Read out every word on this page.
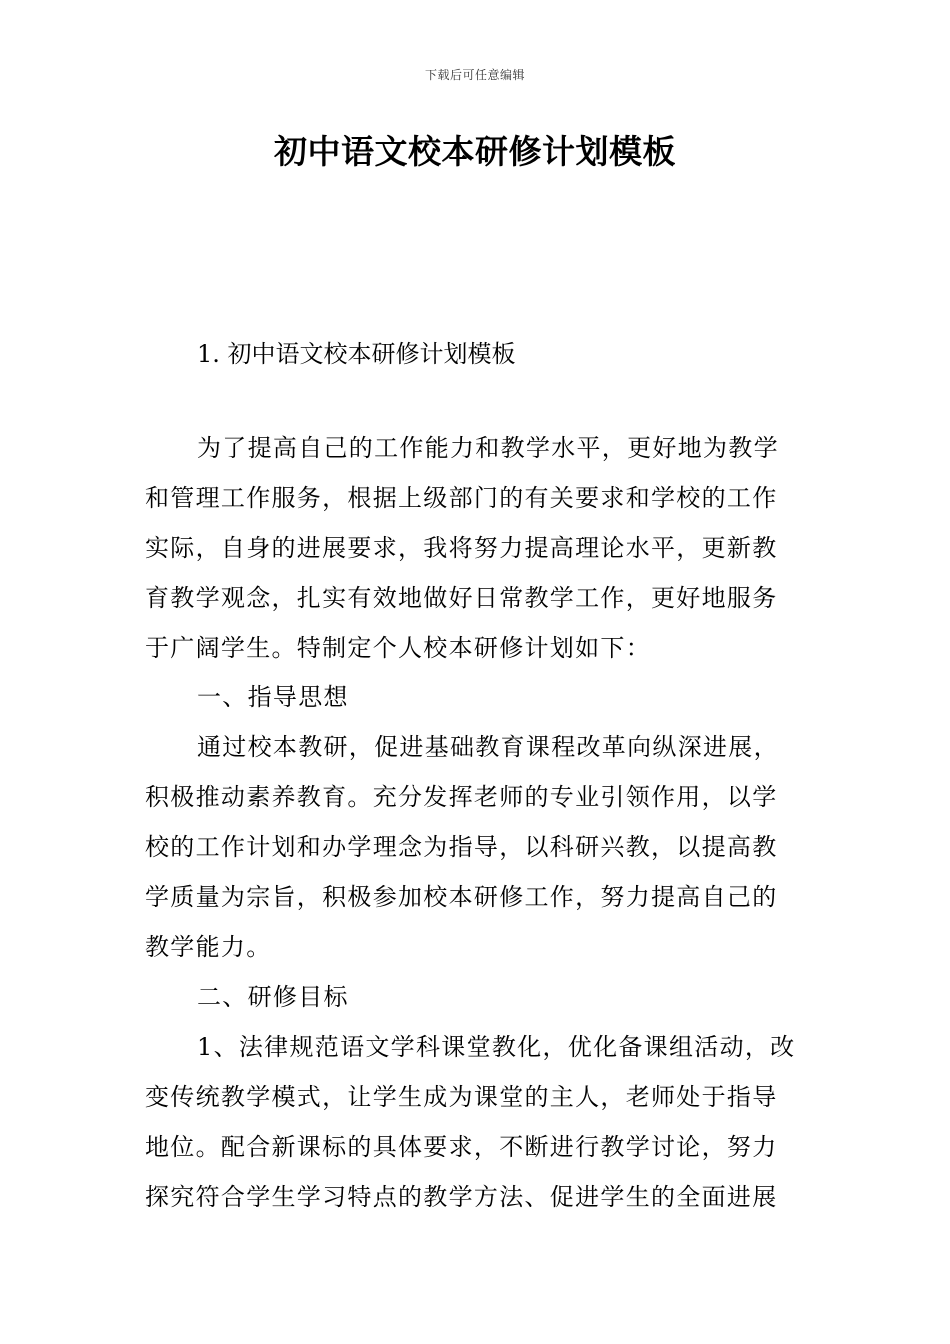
下载后可任意编辑
初中语文校本研修计划模板
1. 初中语文校本研修计划模板
为了提高自己的工作能力和教学水平，更好地为教学
和管理工作服务，根据上级部门的有关要求和学校的工作
实际，自身的进展要求，我将努力提高理论水平，更新教
育教学观念，扎实有效地做好日常教学工作，更好地服务
于广阔学生。特制定个人校本研修计划如下：
一、指导思想
通过校本教研，促进基础教育课程改革向纵深进展，
积极推动素养教育。充分发挥老师的专业引领作用，以学
校的工作计划和办学理念为指导，以科研兴教，以提高教
学质量为宗旨，积极参加校本研修工作，努力提高自己的
教学能力。
二、研修目标
1、法律规范语文学科课堂教化，优化备课组活动，改
变传统教学模式，让学生成为课堂的主人，老师处于指导
地位。配合新课标的具体要求，不断进行教学讨论，努力
探究符合学生学习特点的教学方法、促进学生的全面进展
